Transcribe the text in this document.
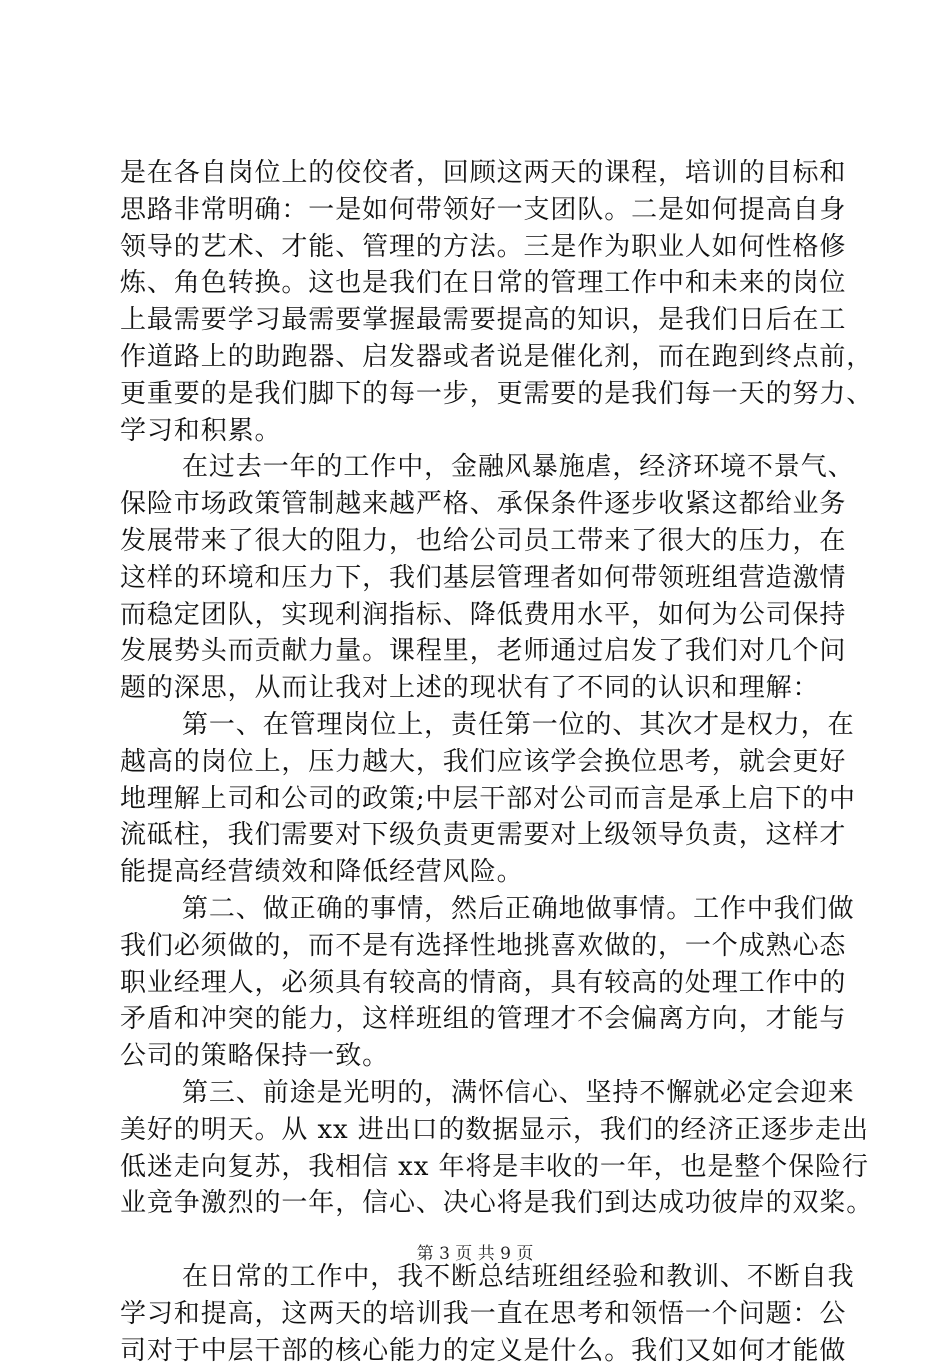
是在各自岗位上的佼佼者，回顾这两天的课程，培训的目标和
思路非常明确：一是如何带领好一支团队。二是如何提高自身
领导的艺术、才能、管理的方法。三是作为职业人如何性格修
炼、角色转换。这也是我们在日常的管理工作中和未来的岗位
上最需要学习最需要掌握最需要提高的知识，是我们日后在工
作道路上的助跑器、启发器或者说是催化剂，而在跑到终点前，
更重要的是我们脚下的每一步，更需要的是我们每一天的努力、
学习和积累。
在过去一年的工作中，金融风暴施虐，经济环境不景气、
保险市场政策管制越来越严格、承保条件逐步收紧这都给业务
发展带来了很大的阻力，也给公司员工带来了很大的压力，在
这样的环境和压力下，我们基层管理者如何带领班组营造激情
而稳定团队，实现利润指标、降低费用水平，如何为公司保持
发展势头而贡献力量。课程里，老师通过启发了我们对几个问
题的深思，从而让我对上述的现状有了不同的认识和理解：
第一、在管理岗位上，责任第一位的、其次才是权力，在
越高的岗位上，压力越大，我们应该学会换位思考，就会更好
地理解上司和公司的政策;中层干部对公司而言是承上启下的中
流砥柱，我们需要对下级负责更需要对上级领导负责，这样才
能提高经营绩效和降低经营风险。
第二、做正确的事情，然后正确地做事情。工作中我们做
我们必须做的，而不是有选择性地挑喜欢做的，一个成熟心态
职业经理人，必须具有较高的情商，具有较高的处理工作中的
矛盾和冲突的能力，这样班组的管理才不会偏离方向，才能与
公司的策略保持一致。
第三、前途是光明的，满怀信心、坚持不懈就必定会迎来
美好的明天。从 xx 进出口的数据显示，我们的经济正逐步走出
低迷走向复苏，我相信 xx 年将是丰收的一年，也是整个保险行
业竞争激烈的一年，信心、决心将是我们到达成功彼岸的双桨。
在日常的工作中，我不断总结班组经验和教训、不断自我
学习和提高，这两天的培训我一直在思考和领悟一个问题：公
司对于中层干部的核心能力的定义是什么。我们又如何才能做
第 3 页 共 9 页
